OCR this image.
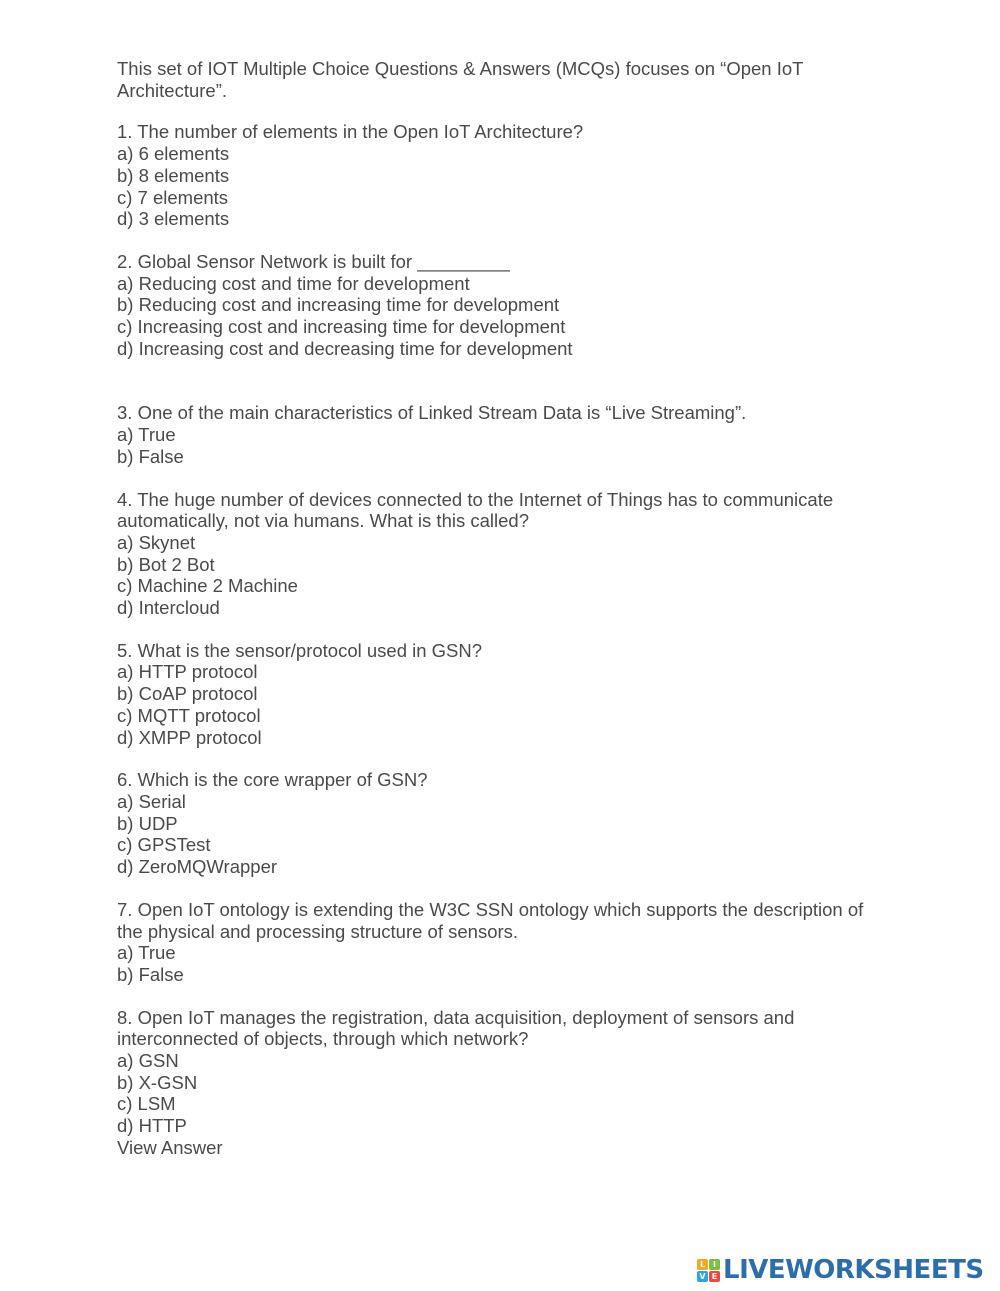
This set of IOT Multiple Choice Questions & Answers (MCQs) focuses on “Open IoT
Architecture”.
1. The number of elements in the Open IoT Architecture?
a) 6 elements
b) 8 elements
c) 7 elements
d) 3 elements
2. Global Sensor Network is built for _________
a) Reducing cost and time for development
b) Reducing cost and increasing time for development
c) Increasing cost and increasing time for development
d) Increasing cost and decreasing time for development
3. One of the main characteristics of Linked Stream Data is “Live Streaming”.
a) True
b) False
4. The huge number of devices connected to the Internet of Things has to communicate
automatically, not via humans. What is this called?
a) Skynet
b) Bot 2 Bot
c) Machine 2 Machine
d) Intercloud
5. What is the sensor/protocol used in GSN?
a) HTTP protocol
b) CoAP protocol
c) MQTT protocol
d) XMPP protocol
6. Which is the core wrapper of GSN?
a) Serial
b) UDP
c) GPSTest
d) ZeroMQWrapper
7. Open IoT ontology is extending the W3C SSN ontology which supports the description of
the physical and processing structure of sensors.
a) True
b) False
8. Open IoT manages the registration, data acquisition, deployment of sensors and
interconnected of objects, through which network?
a) GSN
b) X-GSN
c) LSM
d) HTTP
View Answer
L I
V E LIVEWORKSHEETS
